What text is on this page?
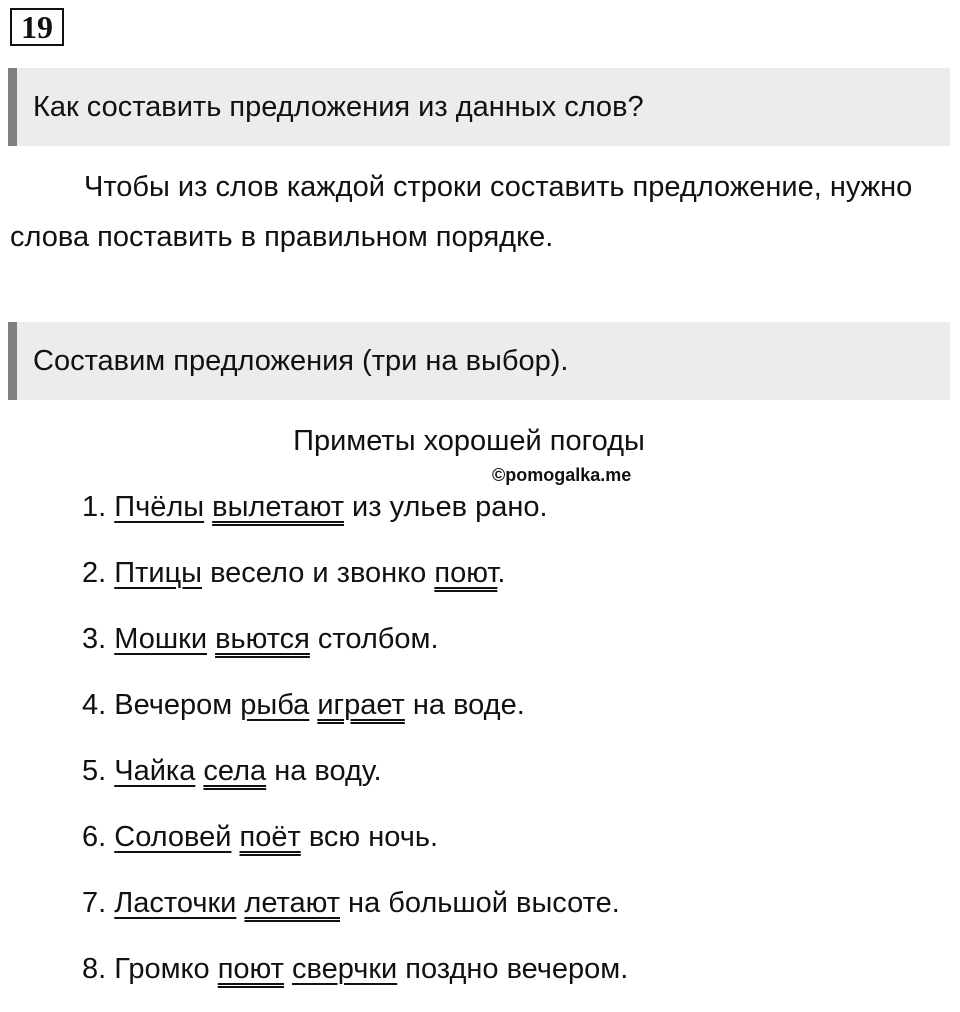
19
Как составить предложения из данных слов?

Чтобы из слов каждой строки составить предложение, нужно слова поставить в правильном порядке.

Составим предложения (три на выбор).
Приметы хорошей погоды
©pomogalka.me
1. Пчёлы вылетают из ульев рано.
2. Птицы весело и звонко поют.
3. Мошки вьются столбом.
4. Вечером рыба играет на воде.
5. Чайка села на воду.
6. Соловей поёт всю ночь.
7. Ласточки летают на большой высоте.
8. Громко поют сверчки поздно вечером.
